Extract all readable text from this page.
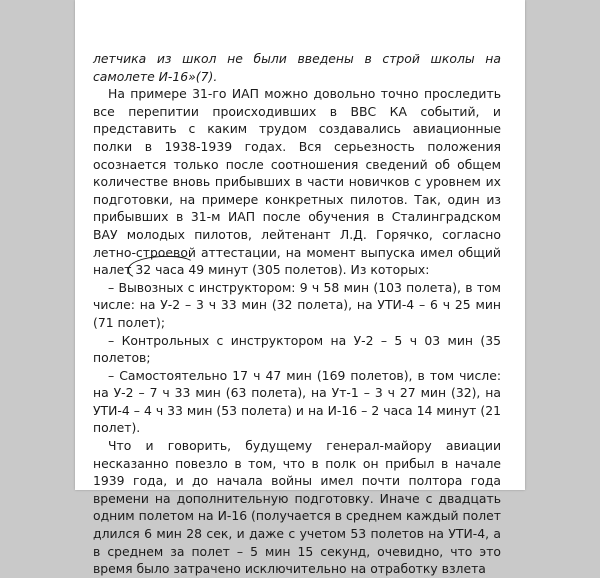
летчика из школ не были введены в строй школы на самолете И-16»(7).

На примере 31-го ИАП можно довольно точно проследить все перепитии происходивших в ВВС КА событий, и представить с каким трудом создавались авиационные полки в 1938-1939 годах. Вся серьезность положения осознается только после соотношения сведений об общем количестве вновь прибывших в части новичков с уровнем их подготовки, на примере конкретных пилотов. Так, один из прибывших в 31-м ИАП после обучения в Сталинградском ВАУ молодых пилотов, лейтенант Л.Д. Горячко, согласно летно-строевой аттестации, на момент выпуска имел общий налет 32 часа 49 минут (305 полетов). Из которых:

– Вывозных с инструктором: 9 ч 58 мин (103 полета), в том числе: на У-2 – 3 ч 33 мин (32 полета), на УТИ-4 – 6 ч 25 мин (71 полет);

– Контрольных с инструктором на У-2 – 5 ч 03 мин (35 полетов;

– Самостоятельно 17 ч 47 мин (169 полетов), в том числе: на У-2 – 7 ч 33 мин (63 полета), на Ут-1 – 3 ч 27 мин (32), на УТИ-4 – 4 ч 33 мин (53 полета) и на И-16 – 2 часа 14 минут (21 полет).

Что и говорить, будущему генерал-майору авиации несказанно повезло в том, что в полк он прибыл в начале 1939 года, и до начала войны имел почти полтора года времени на дополнительную подготовку. Иначе с двадцать одним полетом на И-16 (получается в среднем каждый полет длился 6 мин 28 сек, и даже с учетом 53 полетов на УТИ-4, а в среднем за полет – 5 мин 15 секунд, очевидно, что это время было затрачено исключительно на отработку взлета
